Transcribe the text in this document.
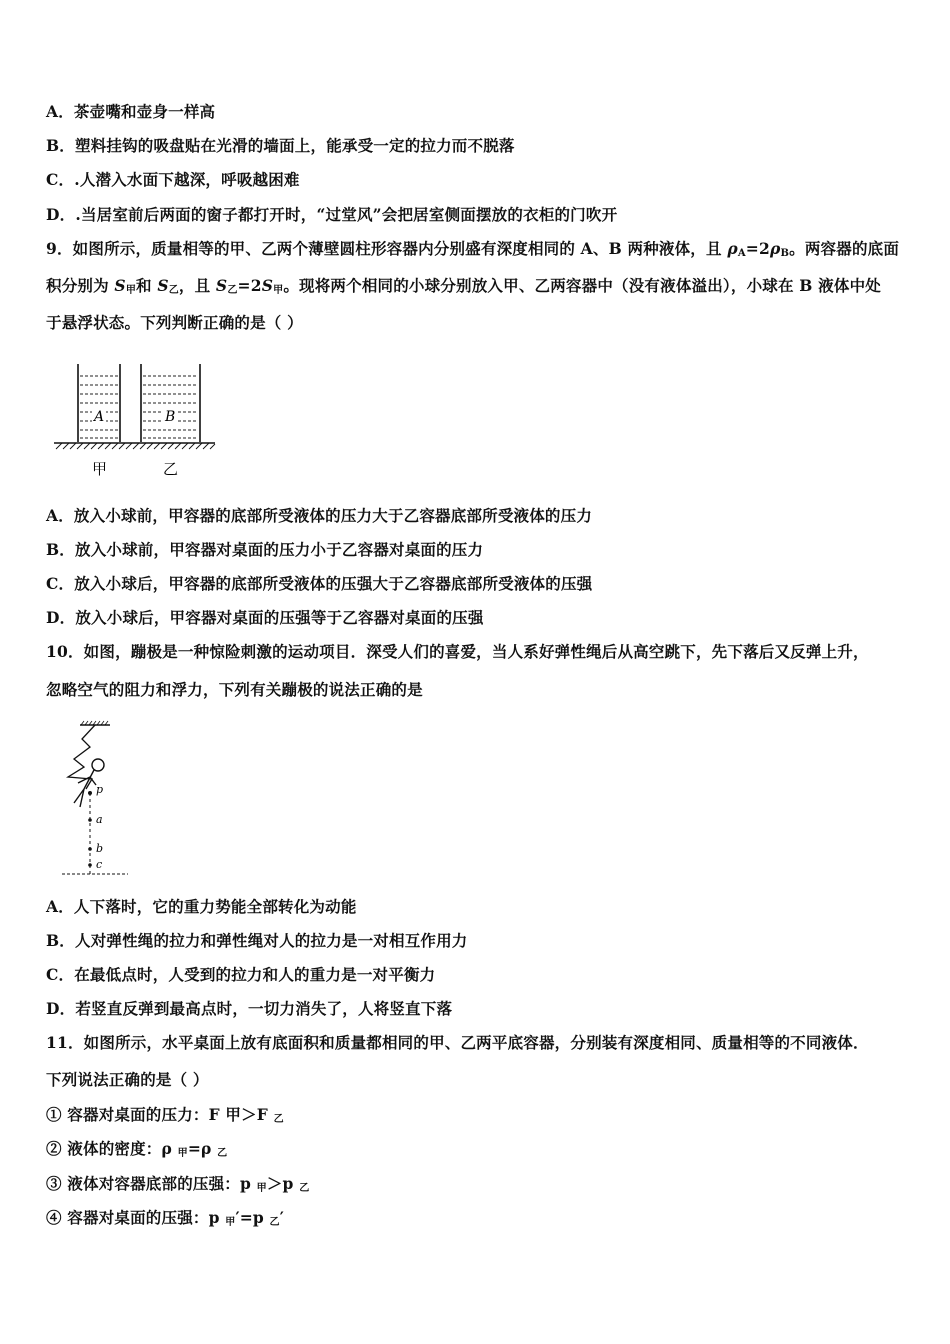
A．茶壶嘴和壶身一样高
B．塑料挂钩的吸盘贴在光滑的墙面上，能承受一定的拉力而不脱落
C．.人潜入水面下越深，呼吸越困难
D．.当居室前后两面的窗子都打开时，“过堂风”会把居室侧面摆放的衣柜的门吹开
9．如图所示，质量相等的甲、乙两个薄壁圆柱形容器内分别盛有深度相同的 A、B 两种液体，且 $\rho_A=2\rho_B$。两容器的底面
积分别为 $S_甲$和 $S_乙$，且 $S_乙=2S_甲$。现将两个相同的小球分别放入甲、乙两容器中（没有液体溢出），小球在 B 液体中处
于悬浮状态。下列判断正确的是（ ）
A	B
甲	乙
A．放入小球前，甲容器的底部所受液体的压力大于乙容器底部所受液体的压力
B．放入小球前，甲容器对桌面的压力小于乙容器对桌面的压力
C．放入小球后，甲容器的底部所受液体的压强大于乙容器底部所受液体的压强
D．放入小球后，甲容器对桌面的压强等于乙容器对桌面的压强
10．如图，蹦极是一种惊险刺激的运动项目．深受人们的喜爱，当人系好弹性绳后从高空跳下，先下落后又反弹上升，
忽略空气的阻力和浮力，下列有关蹦极的说法正确的是
p
a
b
c
A．人下落时，它的重力势能全部转化为动能
B．人对弹性绳的拉力和弹性绳对人的拉力是一对相互作用力
C．在最低点时，人受到的拉力和人的重力是一对平衡力
D．若竖直反弹到最高点时，一切力消失了，人将竖直下落
11．如图所示，水平桌面上放有底面积和质量都相同的甲、乙两平底容器，分别装有深度相同、质量相等的不同液体．
下列说法正确的是（ ）
① 容器对桌面的压力：F 甲＞F $_乙$
② 液体的密度：ρ $_甲$=ρ $_乙$
③ 液体对容器底部的压强：p $_甲$＞p $_乙$
④ 容器对桌面的压强：p $_甲$′=p $_乙$′
